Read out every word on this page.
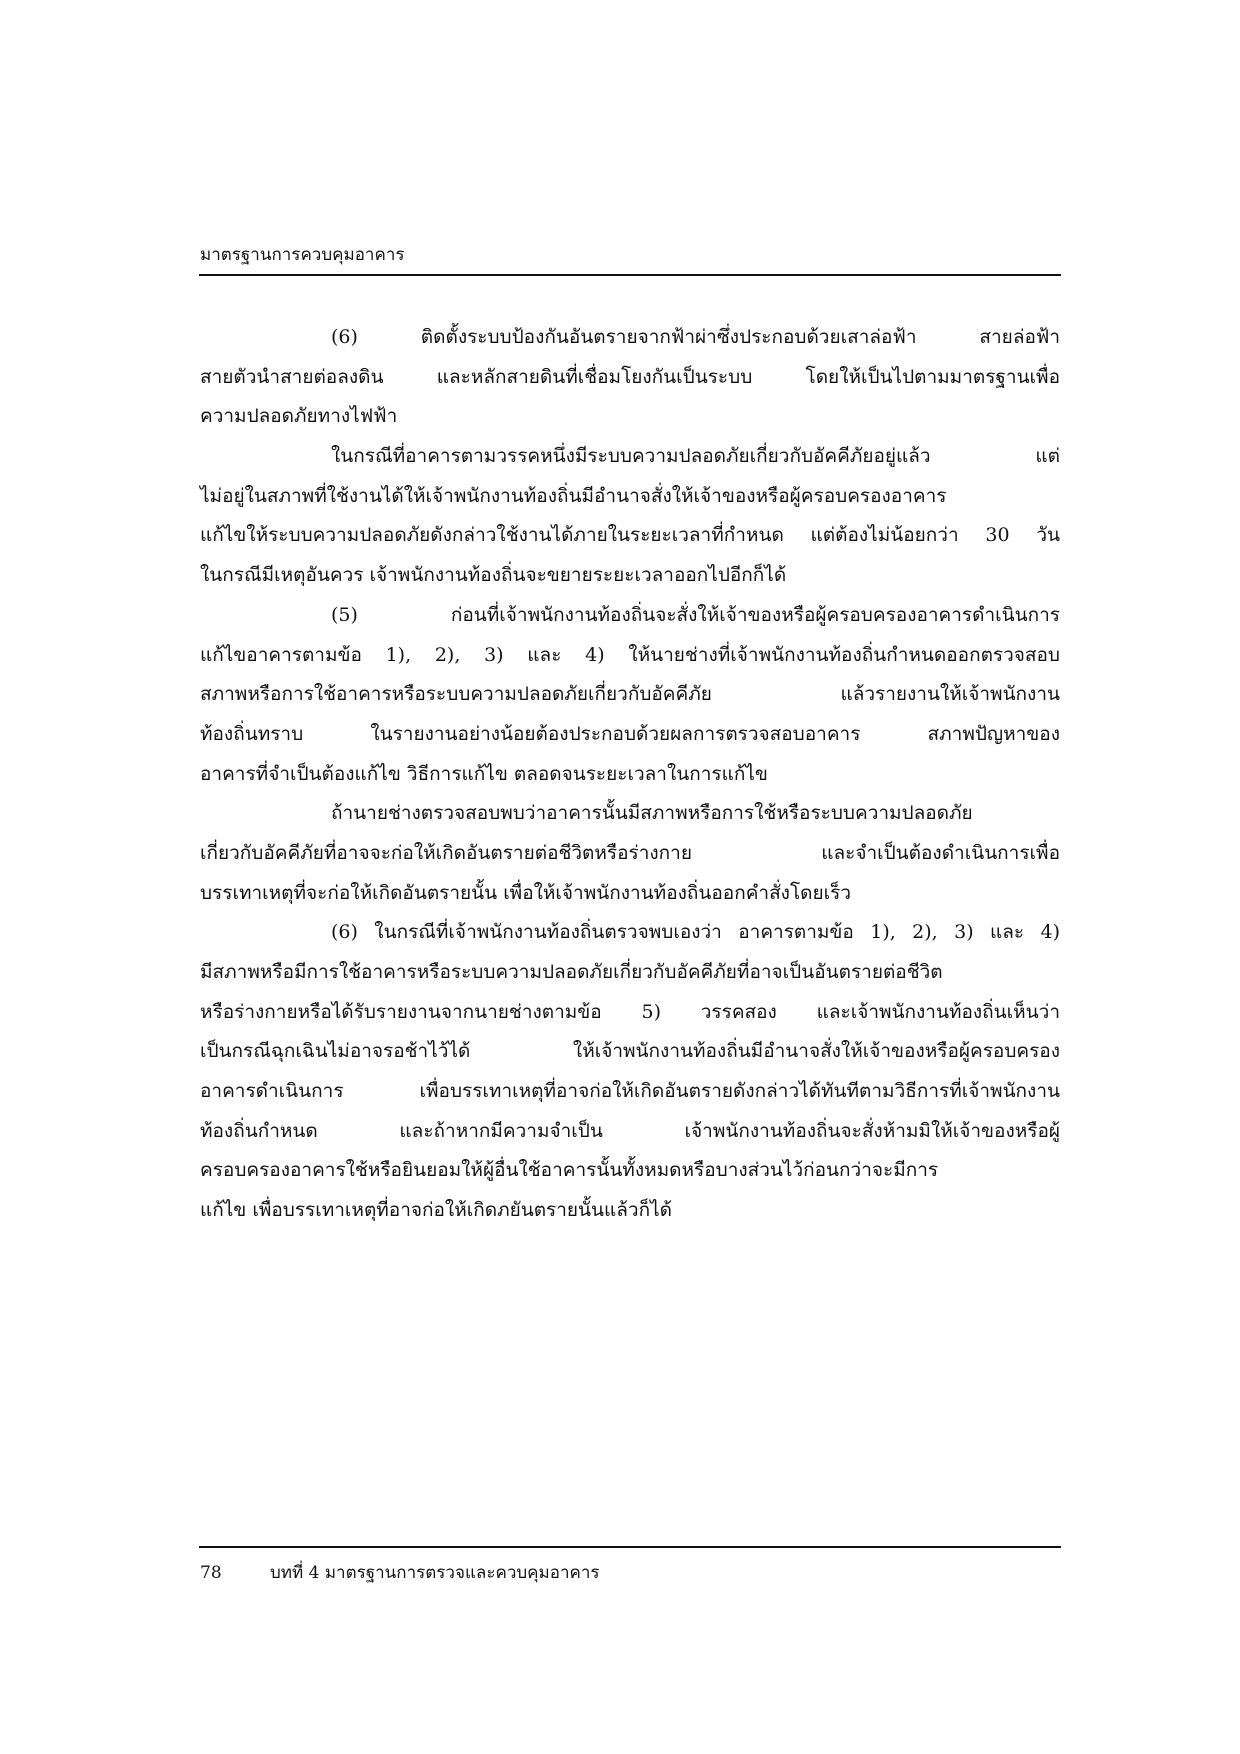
มาตรฐานการควบคุมอาคาร
(6) ติดตั้งระบบป้องกันอันตรายจากฟ้าผ่าซึ่งประกอบด้วยเสาล่อฟ้า สายล่อฟ้า
สายตัวนำสายต่อลงดิน และหลักสายดินที่เชื่อมโยงกันเป็นระบบ โดยให้เป็นไปตามมาตรฐานเพื่อ
ความปลอดภัยทางไฟฟ้า
ในกรณีที่อาคารตามวรรคหนึ่งมีระบบความปลอดภัยเกี่ยวกับอัคคีภัยอยู่แล้ว แต่
ไม่อยู่ในสภาพที่ใช้งานได้ให้เจ้าพนักงานท้องถิ่นมีอำนาจสั่งให้เจ้าของหรือผู้ครอบครองอาคาร
แก้ไขให้ระบบความปลอดภัยดังกล่าวใช้งานได้ภายในระยะเวลาที่กำหนด แต่ต้องไม่น้อยกว่า 30 วัน
ในกรณีมีเหตุอันควร เจ้าพนักงานท้องถิ่นจะขยายระยะเวลาออกไปอีกก็ได้
(5) ก่อนที่เจ้าพนักงานท้องถิ่นจะสั่งให้เจ้าของหรือผู้ครอบครองอาคารดำเนินการ
แก้ไขอาคารตามข้อ 1), 2), 3) และ 4) ให้นายช่างที่เจ้าพนักงานท้องถิ่นกำหนดออกตรวจสอบ
สภาพหรือการใช้อาคารหรือระบบความปลอดภัยเกี่ยวกับอัคคีภัย แล้วรายงานให้เจ้าพนักงาน
ท้องถิ่นทราบ ในรายงานอย่างน้อยต้องประกอบด้วยผลการตรวจสอบอาคาร สภาพปัญหาของ
อาคารที่จำเป็นต้องแก้ไข วิธีการแก้ไข ตลอดจนระยะเวลาในการแก้ไข
ถ้านายช่างตรวจสอบพบว่าอาคารนั้นมีสภาพหรือการใช้หรือระบบความปลอดภัย
เกี่ยวกับอัคคีภัยที่อาจจะก่อให้เกิดอันตรายต่อชีวิตหรือร่างกาย และจำเป็นต้องดำเนินการเพื่อ
บรรเทาเหตุที่จะก่อให้เกิดอันตรายนั้น เพื่อให้เจ้าพนักงานท้องถิ่นออกคำสั่งโดยเร็ว
(6) ในกรณีที่เจ้าพนักงานท้องถิ่นตรวจพบเองว่า อาคารตามข้อ 1), 2), 3) และ 4)
มีสภาพหรือมีการใช้อาคารหรือระบบความปลอดภัยเกี่ยวกับอัคคีภัยที่อาจเป็นอันตรายต่อชีวิต
หรือร่างกายหรือได้รับรายงานจากนายช่างตามข้อ 5) วรรคสอง และเจ้าพนักงานท้องถิ่นเห็นว่า
เป็นกรณีฉุกเฉินไม่อาจรอช้าไว้ได้ ให้เจ้าพนักงานท้องถิ่นมีอำนาจสั่งให้เจ้าของหรือผู้ครอบครอง
อาคารดำเนินการ เพื่อบรรเทาเหตุที่อาจก่อให้เกิดอันตรายดังกล่าวได้ทันทีตามวิธีการที่เจ้าพนักงาน
ท้องถิ่นกำหนด และถ้าหากมีความจำเป็น เจ้าพนักงานท้องถิ่นจะสั่งห้ามมิให้เจ้าของหรือผู้
ครอบครองอาคารใช้หรือยินยอมให้ผู้อื่นใช้อาคารนั้นทั้งหมดหรือบางส่วนไว้ก่อนกว่าจะมีการ
แก้ไข เพื่อบรรเทาเหตุที่อาจก่อให้เกิดภยันตรายนั้นแล้วก็ได้
78	บทที่ 4 มาตรฐานการตรวจและควบคุมอาคาร
